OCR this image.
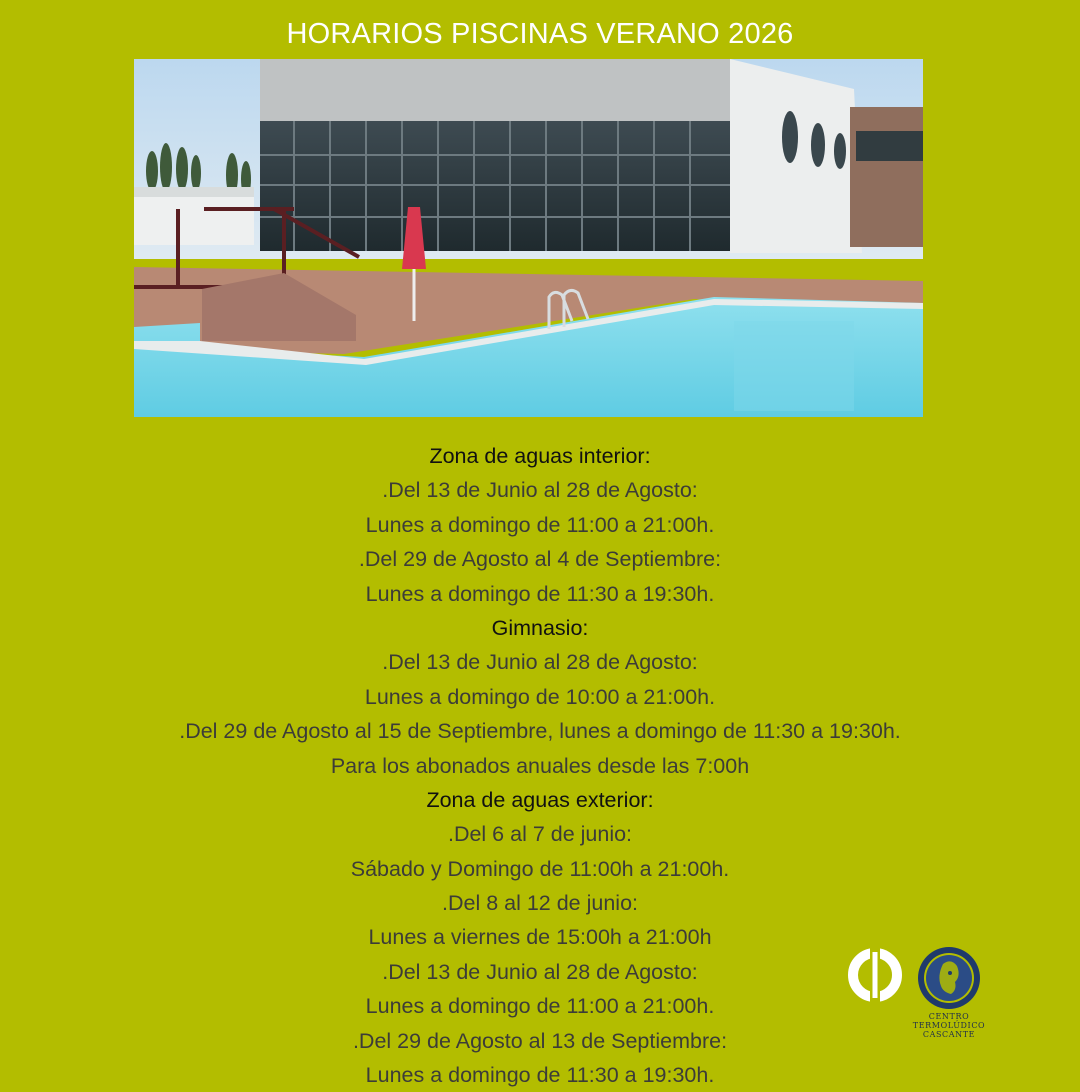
HORARIOS PISCINAS VERANO 2026
Zona de aguas interior:
.Del 13 de Junio al 28 de Agosto:
Lunes a domingo de 11:00 a 21:00h.
.Del 29 de Agosto al 4 de Septiembre:
Lunes a domingo de 11:30 a 19:30h.
Gimnasio:
.Del 13 de Junio al 28 de Agosto:
Lunes a domingo de 10:00 a 21:00h.
.Del 29 de Agosto al 15 de Septiembre, lunes a domingo de 11:30 a 19:30h.
Para los abonados anuales desde las 7:00h
Zona de aguas exterior:
.Del 6 al 7 de junio:
Sábado y Domingo de 11:00h a 21:00h.
.Del 8 al 12 de junio:
Lunes a viernes de 15:00h a 21:00h
.Del 13 de Junio al 28 de Agosto:
Lunes a domingo de 11:00 a 21:00h.
.Del 29 de Agosto al 13 de Septiembre:
Lunes a domingo de 11:30 a 19:30h.
CENTRO
TERMOLÚDICO
CASCANTE
